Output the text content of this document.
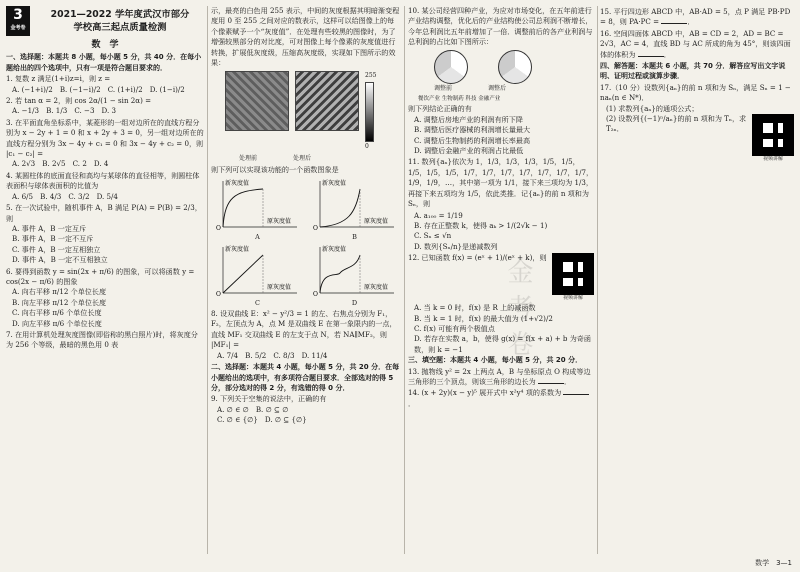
金考卷
3
金考卷
2021—2022 学年度武汉市部分
学校高三起点质量检测
数　学
一、选择题：本题共 8 小题，每小题 5 分，共 40 分．在每小题给出的四个选项中，只有一项是符合题目要求的．
1. 复数 z 满足(1+i)z=i，则 z =
A. (−1+i)/2　B. (−1−i)/2　C. (1+i)/2　D. (1−i)/2
2. 若 tan α = 2，则 cos 2α/(1 − sin 2α) =
A. −1/3　B. 1/3　C. −3　D. 3
3. 在平面直角坐标系中，某菱形的一组对边所在的直线方程分别为 x − 2y + 1 = 0 和 x + 2y + 3 = 0，另一组对边所在的直线方程分别为 3x − 4y + c₁ = 0 和 3x − 4y + c₂ = 0，则 |c₁ − c₂| =
A. 2√3　B. 2√5　C. 2　D. 4
4. 某圆柱体的底面直径和高均与某球体的直径相等，则圆柱体表面积与球体表面积的比值为
A. 6/5　B. 4/3　C. 3/2　D. 5/4
5. 在一次试验中，随机事件 A，B 满足 P(A) = P(B) = 2/3，则
A. 事件 A，B 一定互斥
B. 事件 A，B 一定不互斥
C. 事件 A，B 一定互相独立
D. 事件 A，B 一定不互相独立
6. 要得到函数 y = sin(2x + π/6) 的图象，可以将函数 y = cos(2x − π/6) 的图象
A. 向右平移 π/12 个单位长度
B. 向左平移 π/12 个单位长度
C. 向右平移 π/6 个单位长度
D. 向左平移 π/6 个单位长度
7. 在用计算机处理灰度图像(即俗称的黑白照片)时，将灰度分为 256 个等级，最暗的黑色用 0 表
示，最亮的白色用 255 表示，中间的灰度根据其明暗渐变程度用 0 至 255 之间对应的数表示，这样可以给图像上的每个像素赋予一个“灰度值”．在处理有些较黑的图像时，为了增强较黑部分的对比度，可对图像上每个像素的灰度值进行转换，扩展低灰度级，压缩高灰度级，实现如下图所示的效果：
255
0
处理前	处理后
则下列可以实现该功能的一个函数图象是
O
新灰度值
原灰度值
A
O
新灰度值
原灰度值
B
O
新灰度值
原灰度值
C
O
新灰度值
原灰度值
D
8. 设双曲线 E：x² − y²/3 = 1 的左、右焦点分别为 F₁，F₂，左顶点为 A，点 M 是双曲线 E 在第一象限内的一点，直线 MF₁ 交双曲线 E 的左支于点 N，若 NA∥MF₂，则 |MF₁| =
A. 7/4　B. 5/2　C. 8/3　D. 11/4
二、选择题：本题共 4 小题，每小题 5 分，共 20 分．在每小题给出的选项中，有多项符合题目要求．全部选对的得 5 分，部分选对的得 2 分，有选错的得 0 分．
9. 下列关于空集的说法中，正确的有
A. ∅ ∈ ∅　B. ∅ ⊆ ∅
C. ∅ ∈ {∅}　D. ∅ ⊆ {∅}
10. 某公司经营四种产业，为应对市场变化，在五年前进行产业结构调整，优化后的产业结构使公司总利润不断增长，今年总利润比五年前增加了一倍．调整前后的各产业利润与总利润的占比如下图所示：
调整前	调整后
餐饮产业 生物制药 科技 金融产业
则下列结论正确的有
A. 调整后房地产业的利润有所下降
B. 调整后医疗器械的利润增长量最大
C. 调整后生物制药的利润增长率最高
D. 调整后金融产业的利润占比最低
11. 数列{aₙ}依次为 1，1/3，1/3，1/3，1/5，1/5，1/5，1/5，1/5，1/7，1/7，1/7，1/7，1/7，1/7，1/7，1/9，1/9，…，其中第一项为 1/1，接下来三项均为 1/3，再接下来五项均为 1/5，依此类推．记{aₙ}的前 n 项和为 Sₙ，则
A. a₁₀₀ = 1/19
B. 存在正整数 k，使得 aₖ > 1/(2√k − 1)
C. Sₙ ≤ √n
D. 数列{Sₙ/n}是递减数列
12. 已知函数 f(x) = (eˣ + 1)/(eˣ + k)，则

视频讲解
A. 当 k = 0 时，f(x) 是 R 上的减函数
B. 当 k = 1 时，f(x) 的最大值为 (1+√2)/2
C. f(x) 可能有两个极值点
D. 若存在实数 a，b，使得 g(x) = f(x + a) + b 为奇函数，则 k = −1
三、填空题：本题共 4 小题，每小题 5 分，共 20 分．
13. 抛物线 y² = 2x 上两点 A，B 与坐标原点 O 构成等边三角形的三个顶点，则该三角形的边长为	．
14. (x + 2y)(x − y)⁵ 展开式中 x²y⁴ 项的系数为 ．
15. 平行四边形 ABCD 中，AB·AD = 5，点 P 满足 PB·PD = 8，则 PA·PC =	．
16. 空间四面体 ABCD 中，AB = CD = 2，AD = BC = 2√3，AC = 4，直线 BD 与 AC 所成的角为 45°，则该四面体的体积为	．
四、解答题：本题共 6 小题，共 70 分．解答应写出文字说明、证明过程或演算步骤．
17.（10 分）设数列{aₙ}的前 n 项和为 Sₙ，满足 Sₙ = 1 − naₙ(n ∈ N*)．
(1) 求数列{aₙ}的通项公式；
(2) 设数列{(−1)ⁿ/aₙ}的前 n 项和为 Tₙ，求 T₂ₙ．

视频讲解
数学　3—1
